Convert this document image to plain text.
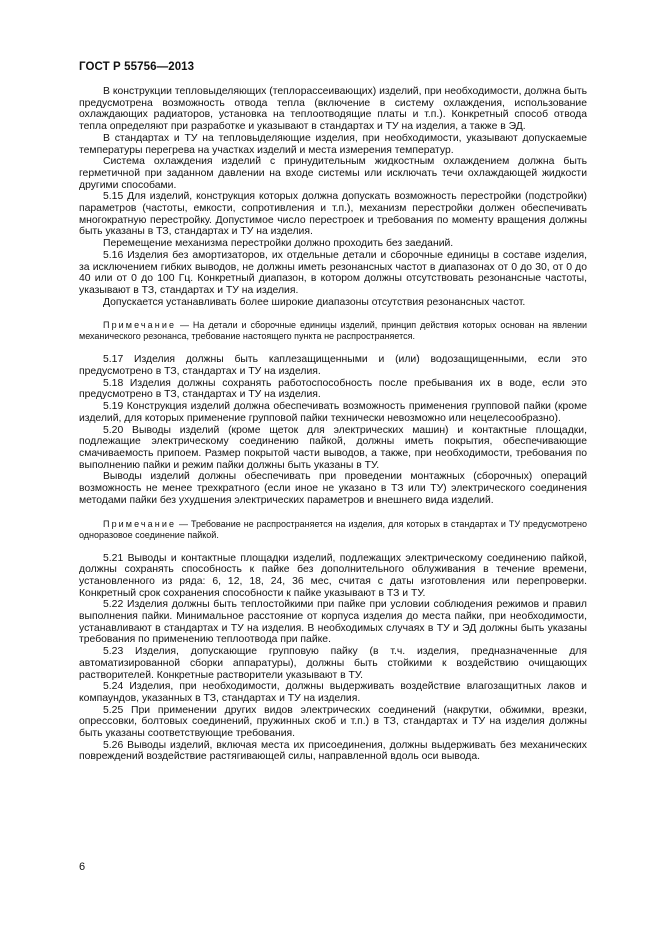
ГОСТ Р 55756—2013

В конструкции тепловыделяющих (теплорассеивающих) изделий, при необходимости, должна быть предусмотрена возможность отвода тепла (включение в систему охлаждения, использование охлаждающих радиаторов, установка на теплоотводящие платы и т.п.). Конкретный способ отвода тепла определяют при разработке и указывают в стандартах и ТУ на изделия, а также в ЭД.

В стандартах и ТУ на тепловыделяющие изделия, при необходимости, указывают допускаемые температуры перегрева на участках изделий и места измерения температур.

Система охлаждения изделий с принудительным жидкостным охлаждением должна быть герметичной при заданном давлении на входе системы или исключать течи охлаждающей жидкости другими способами.

5.15 Для изделий, конструкция которых должна допускать возможность перестройки (подстройки) параметров (частоты, емкости, сопротивления и т.п.), механизм перестройки должен обеспечивать многократную перестройку. Допустимое число перестроек и требования по моменту вращения должны быть указаны в ТЗ, стандартах и ТУ на изделия.

Перемещение механизма перестройки должно проходить без заеданий.

5.16 Изделия без амортизаторов, их отдельные детали и сборочные единицы в составе изделия, за исключением гибких выводов, не должны иметь резонансных частот в диапазонах от 0 до 30, от 0 до 40 или от 0 до 100 Гц. Конкретный диапазон, в котором должны отсутствовать резонансные частоты, указывают в ТЗ, стандартах и ТУ на изделия.

Допускается устанавливать более широкие диапазоны отсутствия резонансных частот.

Примечание — На детали и сборочные единицы изделий, принцип действия которых основан на явлении механического резонанса, требование настоящего пункта не распространяется.

5.17 Изделия должны быть каплезащищенными и (или) водозащищенными, если это предусмотрено в ТЗ, стандартах и ТУ на изделия.

5.18 Изделия должны сохранять работоспособность после пребывания их в воде, если это предусмотрено в ТЗ, стандартах и ТУ на изделия.

5.19 Конструкция изделий должна обеспечивать возможность применения групповой пайки (кроме изделий, для которых применение групповой пайки технически невозможно или нецелесообразно).

5.20 Выводы изделий (кроме щеток для электрических машин) и контактные площадки, подлежащие электрическому соединению пайкой, должны иметь покрытия, обеспечивающие смачиваемость припоем. Размер покрытой части выводов, а также, при необходимости, требования по выполнению пайки и режим пайки должны быть указаны в ТУ.

Выводы изделий должны обеспечивать при проведении монтажных (сборочных) операций возможность не менее трехкратного (если иное не указано в ТЗ или ТУ) электрического соединения методами пайки без ухудшения электрических параметров и внешнего вида изделий.

Примечание — Требование не распространяется на изделия, для которых в стандартах и ТУ предусмотрено одноразовое соединение пайкой.

5.21 Выводы и контактные площадки изделий, подлежащих электрическому соединению пайкой, должны сохранять способность к пайке без дополнительного облуживания в течение времени, установленного из ряда: 6, 12, 18, 24, 36 мес, считая с даты изготовления или перепроверки. Конкретный срок сохранения способности к пайке указывают в ТЗ и ТУ.

5.22 Изделия должны быть теплостойкими при пайке при условии соблюдения режимов и правил выполнения пайки. Минимальное расстояние от корпуса изделия до места пайки, при необходимости, устанавливают в стандартах и ТУ на изделия. В необходимых случаях в ТУ и ЭД должны быть указаны требования по применению теплоотвода при пайке.

5.23 Изделия, допускающие групповую пайку (в т.ч. изделия, предназначенные для автоматизированной сборки аппаратуры), должны быть стойкими к воздействию очищающих растворителей. Конкретные растворители указывают в ТУ.

5.24 Изделия, при необходимости, должны выдерживать воздействие влагозащитных лаков и компаундов, указанных в ТЗ, стандартах и ТУ на изделия.

5.25 При применении других видов электрических соединений (накрутки, обжимки, врезки, опрессовки, болтовых соединений, пружинных скоб и т.п.) в ТЗ, стандартах и ТУ на изделия должны быть указаны соответствующие требования.

5.26 Выводы изделий, включая места их присоединения, должны выдерживать без механических повреждений воздействие растягивающей силы, направленной вдоль оси вывода.

6
